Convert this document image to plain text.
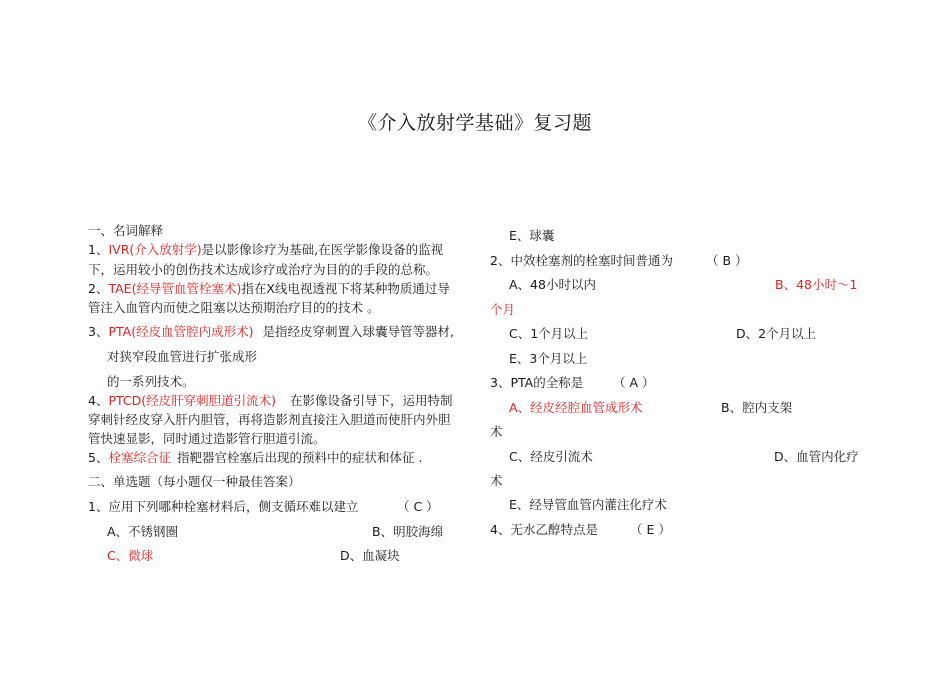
《介入放射学基础》复习题
一、名词解释
1、IVR(介入放射学)是以影像诊疗为基础,在医学影像设备的监视
下，运用较小的创伤技术达成诊疗或治疗为目的的手段的总称。
2、TAE(经导管血管栓塞术)指在X线电视透视下将某种物质通过导
管注入血管内而使之阻塞以达预期治疗目的的技术 。
3、PTA(经皮血管腔内成形术) 是指经皮穿刺置入球囊导管等器材,
对狭窄段血管进行扩张成形
的一系列技术。
4、PTCD(经皮肝穿刺胆道引流术) 在影像设备引导下，运用特制
穿刺针经皮穿入肝内胆管，再将造影剂直接注入胆道而使肝内外胆
管快速显影，同时通过造影管行胆道引流。
5、栓塞综合征 指靶器官栓塞后出现的预料中的症状和体征 .
二、单选题（每小题仅一种最佳答案）
1、应用下列哪种栓塞材料后，侧支循环难以建立	（ C ）
A、不锈钢圈	B、明胶海绵
C、微球	D、血凝块
E、球囊
2、中效栓塞剂的栓塞时间普通为	（ B ）
A、48小时以内	B、48小时～1
个月
C、1个月以上	D、2个月以上
E、3个月以上
3、PTA的全称是 （ A ）
A、经皮经腔血管成形术	B、腔内支架
术
C、经皮引流术	D、血管内化疗
术
E、经导管血管内灌注化疗术
4、无水乙醇特点是	（ E ）
